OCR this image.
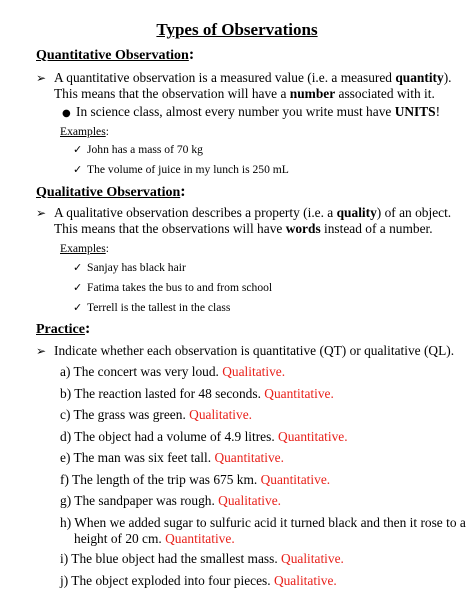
Types of Observations
Quantitative Observation:
➢ A quantitative observation is a measured value (i.e. a measured quantity).
This means that the observation will have a number associated with it.
● In science class, almost every number you write must have UNITS!
Examples:
✓ John has a mass of 70 kg
✓ The volume of juice in my lunch is 250 mL
Qualitative Observation:
➢ A qualitative observation describes a property (i.e. a quality) of an object.
This means that the observations will have words instead of a number.
Examples:
✓ Sanjay has black hair
✓ Fatima takes the bus to and from school
✓ Terrell is the tallest in the class
Practice:
➢ Indicate whether each observation is quantitative (QT) or qualitative (QL).
a) The concert was very loud. Qualitative.
b) The reaction lasted for 48 seconds. Quantitative.
c) The grass was green. Qualitative.
d) The object had a volume of 4.9 litres. Quantitative.
e) The man was six feet tall. Quantitative.
f) The length of the trip was 675 km. Quantitative.
g) The sandpaper was rough. Qualitative.
h) When we added sugar to sulfuric acid it turned black and then it rose to a
height of 20 cm. Quantitative.
i) The blue object had the smallest mass. Qualitative.
j) The object exploded into four pieces. Qualitative.
